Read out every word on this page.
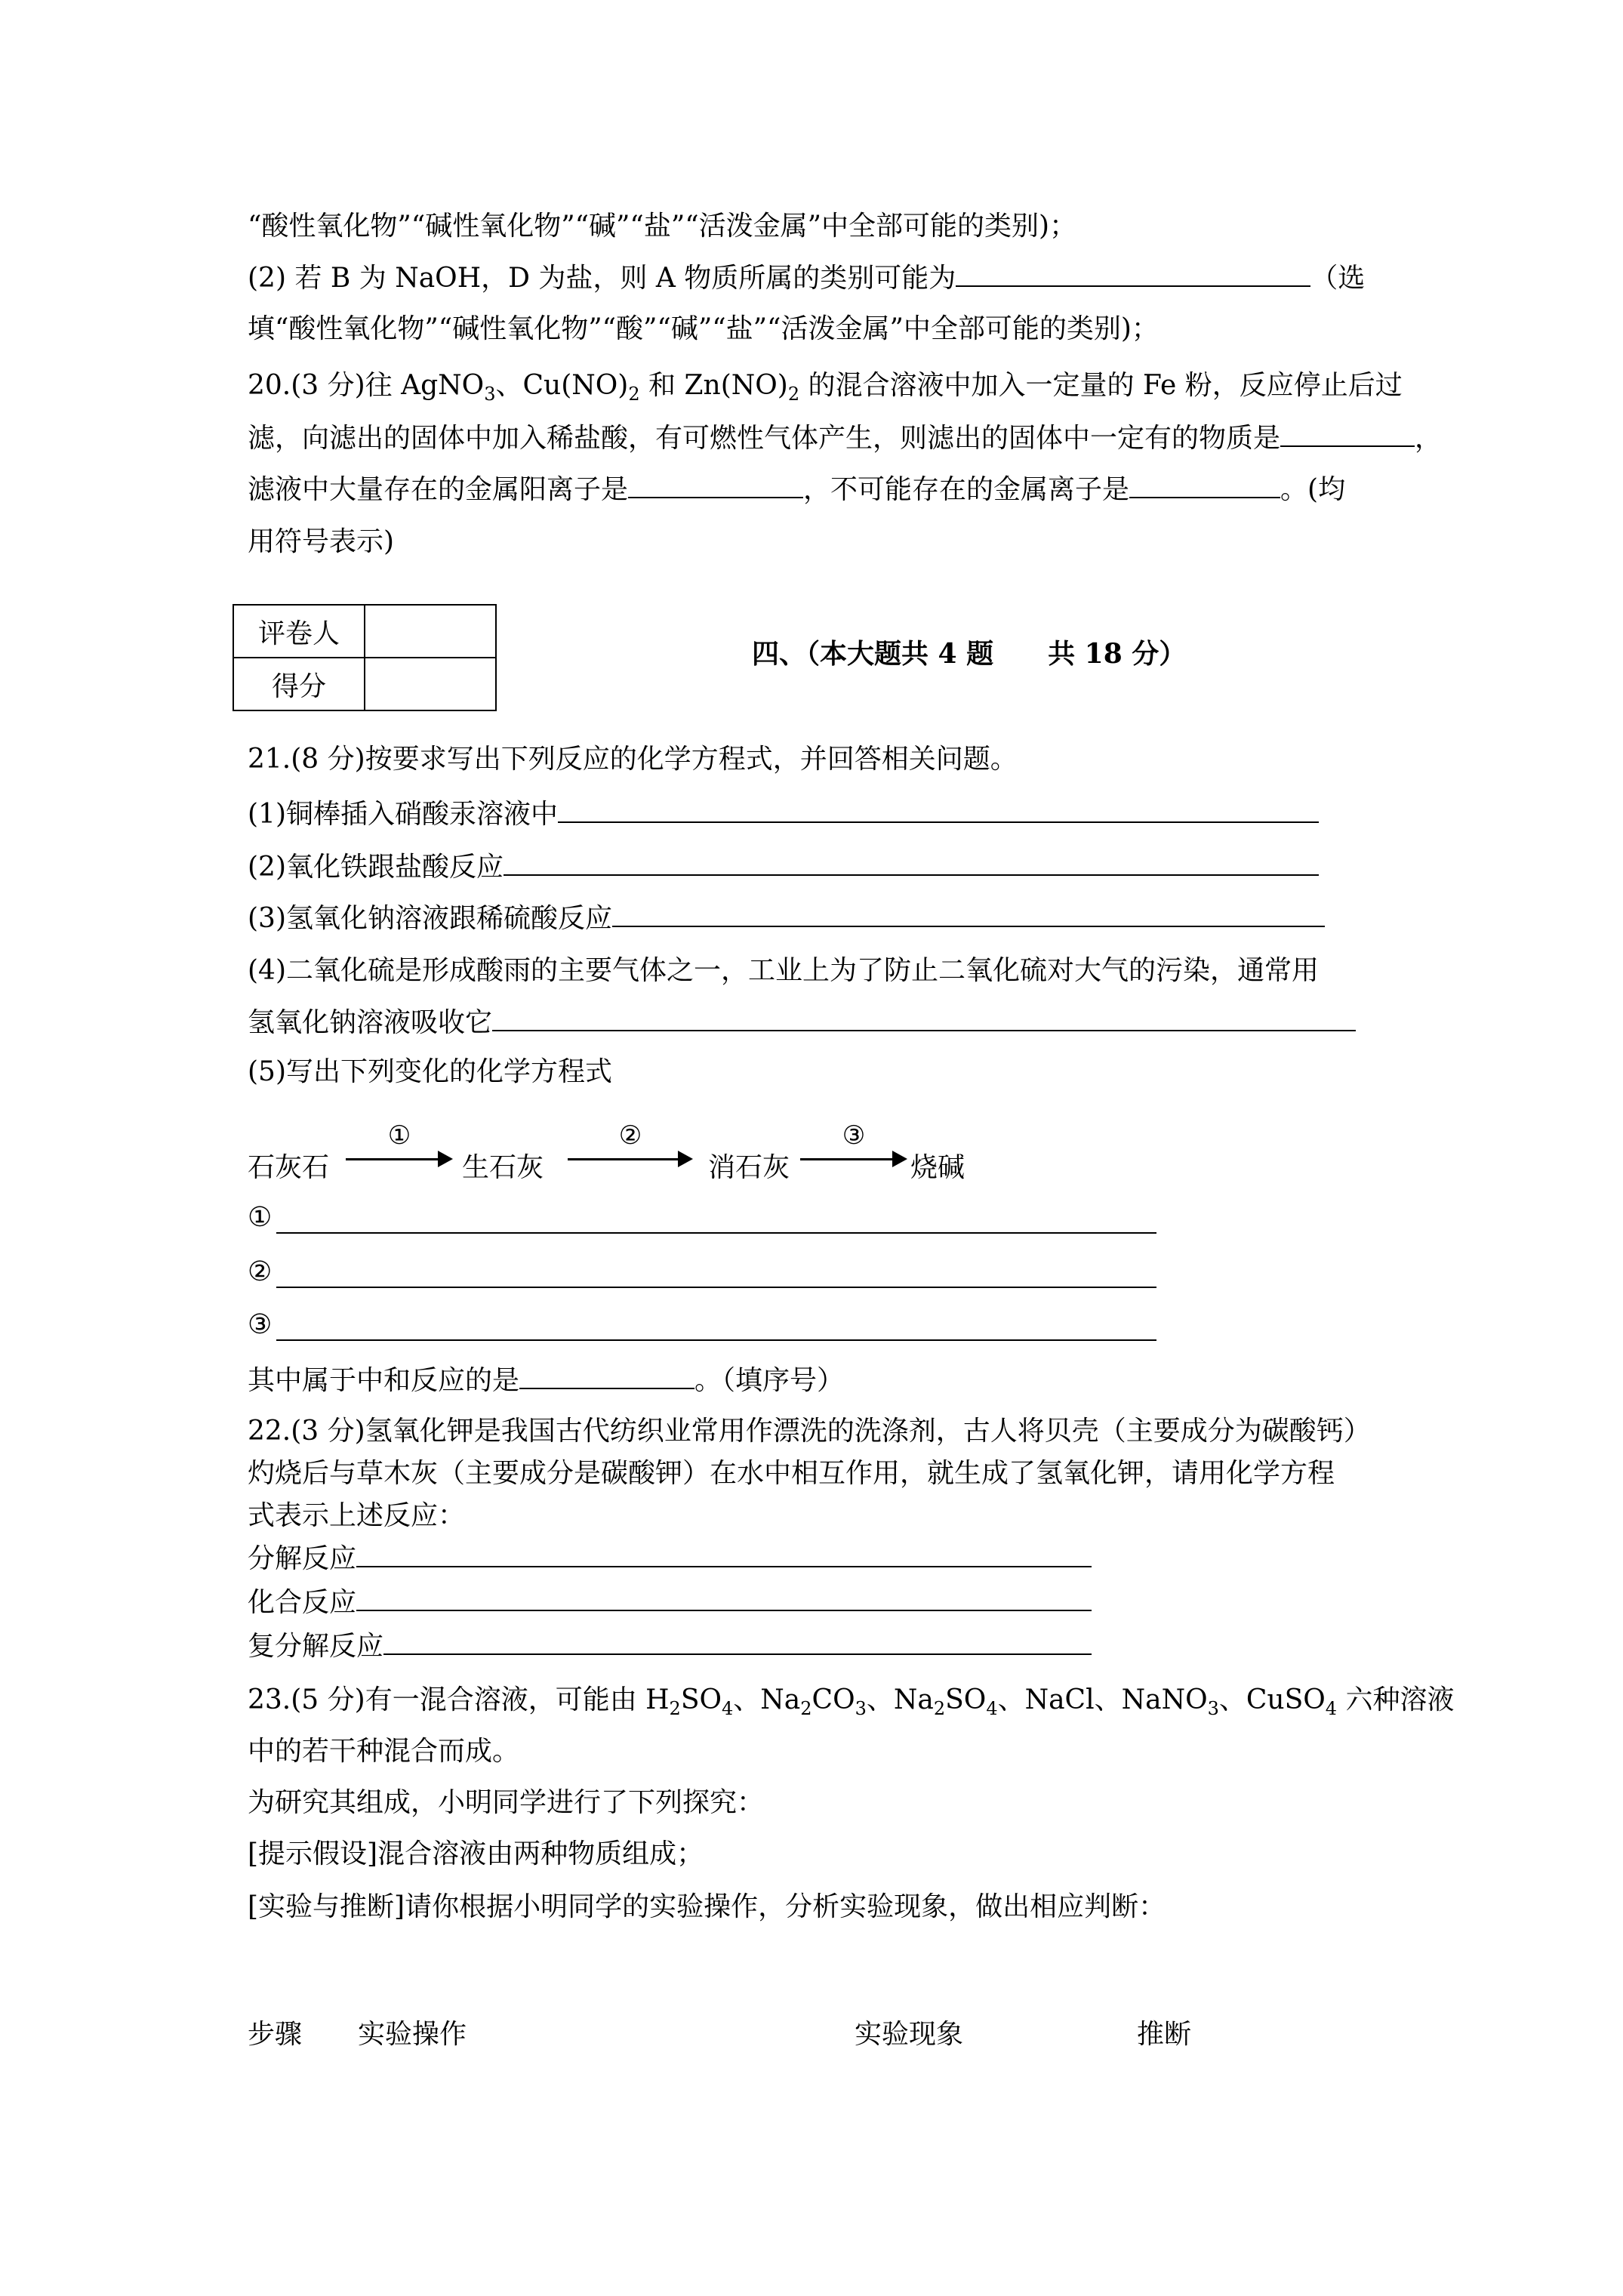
“酸性氧化物”“碱性氧化物”“碱”“盐”“活泼金属”中全部可能的类别)；
(2) 若 B 为 NaOH，D 为盐，则 A 物质所属的类别可能为	（选
填“酸性氧化物”“碱性氧化物”“酸”“碱”“盐”“活泼金属”中全部可能的类别)；
20.(3 分)往 AgNO$_3$、$Cu(NO)_2$ 和 $Zn(NO)_2$ 的混合溶液中加入一定量的 Fe 粉，反应停止后过
滤，向滤出的固体中加入稀盐酸，有可燃性气体产生，则滤出的固体中一定有的物质是	，
滤液中大量存在的金属阳离子是	，不可能存在的金属离子是	。(均
用符号表示)
评卷人	
得分	
四、（本大题共 4 题　　共 18 分）
21.(8 分)按要求写出下列反应的化学方程式，并回答相关问题。
(1)铜棒插入硝酸汞溶液中
(2)氧化铁跟盐酸反应
(3)氢氧化钠溶液跟稀硫酸反应
(4)二氧化硫是形成酸雨的主要气体之一，工业上为了防止二氧化硫对大气的污染，通常用
氢氧化钠溶液吸收它
(5)写出下列变化的化学方程式
石灰石
①
生石灰
②
消石灰
③
烧碱
①
②
③
其中属于中和反应的是	。（填序号）
22.(3 分)氢氧化钾是我国古代纺织业常用作漂洗的洗涤剂，古人将贝壳（主要成分为碳酸钙）
灼烧后与草木灰（主要成分是碳酸钾）在水中相互作用，就生成了氢氧化钾，请用化学方程
式表示上述反应：
分解反应
化合反应
复分解反应
23.(5 分)有一混合溶液，可能由 $H_2SO_4$、$Na_2CO_3$、$Na_2SO_4$、NaCl、NaNO$_3$、CuSO$_4$ 六种溶液
中的若干种混合而成。
为研究其组成，小明同学进行了下列探究：
[提示假设]混合溶液由两种物质组成；
[实验与推断]请你根据小明同学的实验操作，分析实验现象，做出相应判断：
步骤 实验操作	实验现象	推断
